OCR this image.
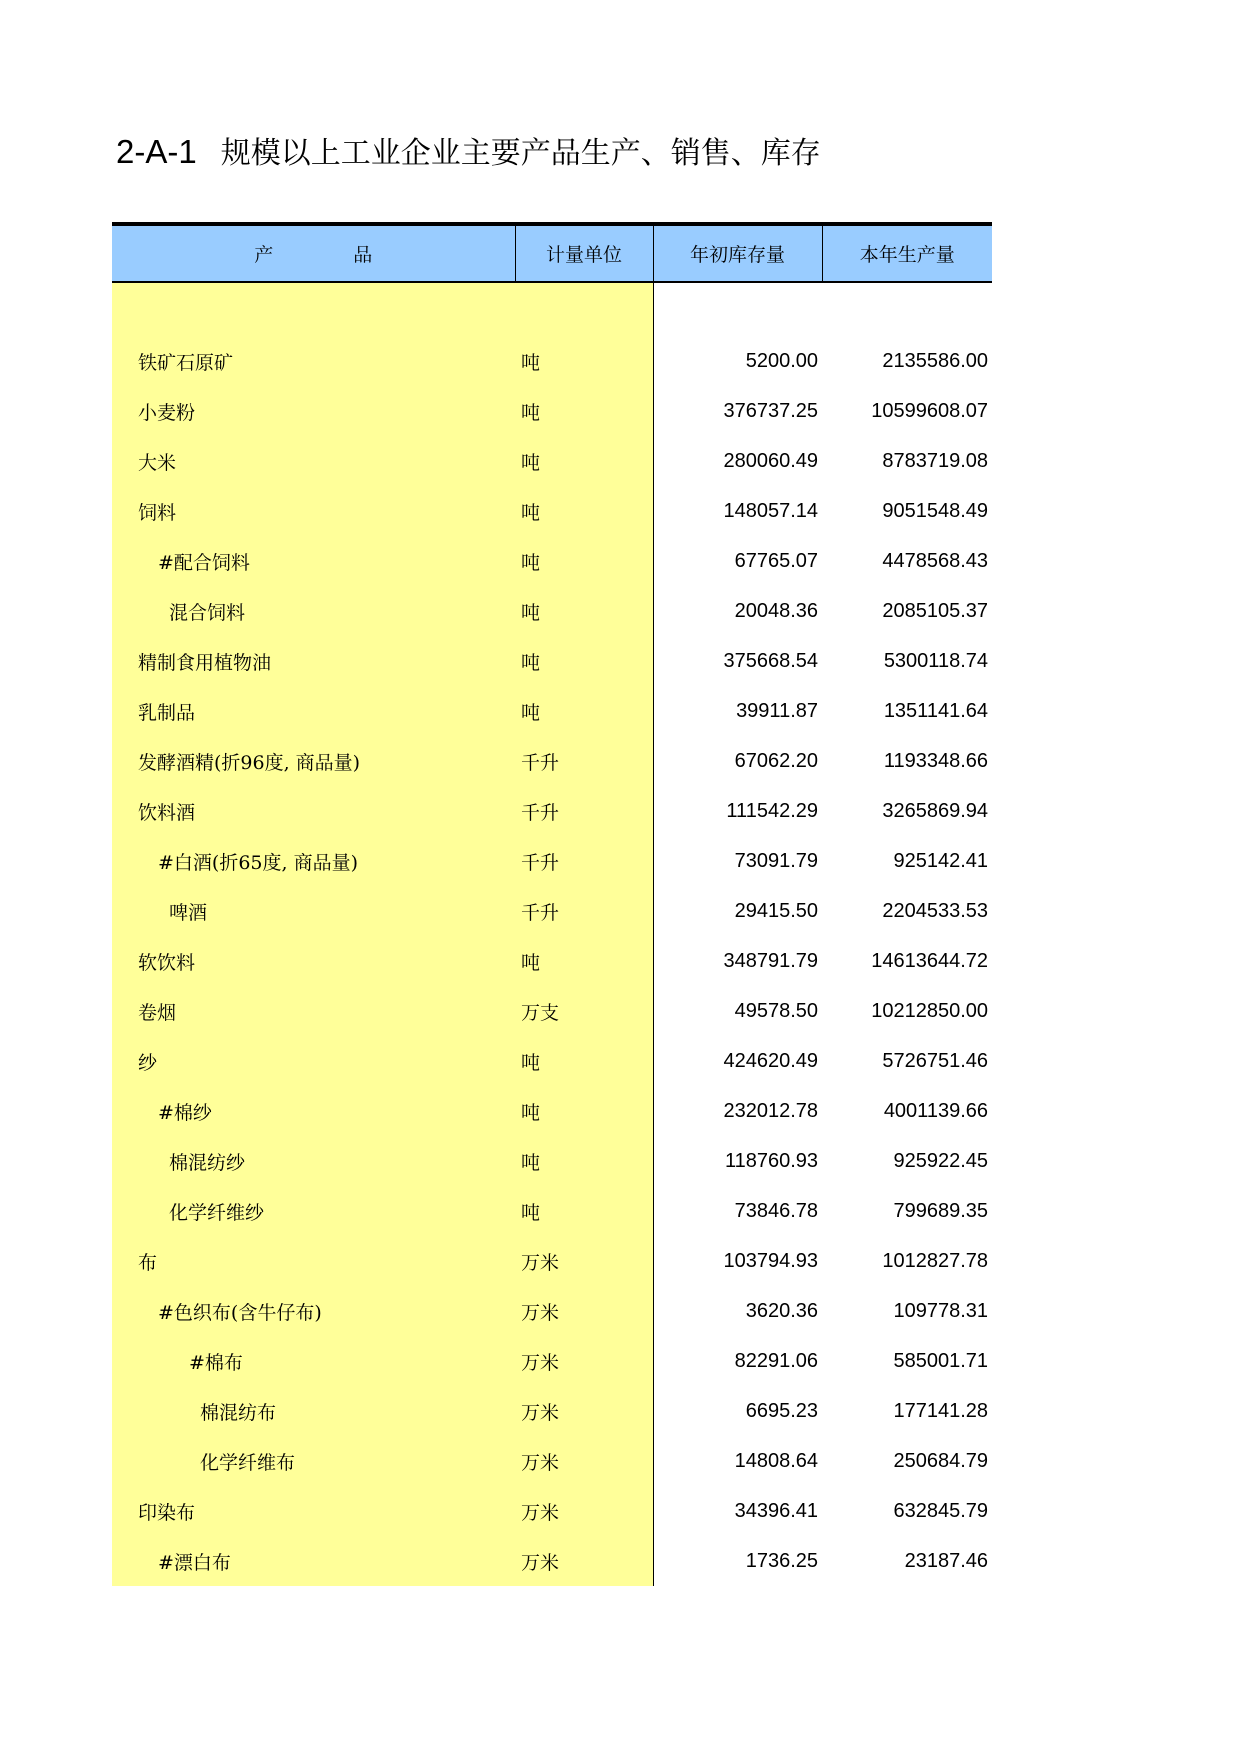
2-A-1 规模以上工业企业主要产品生产、销售、库存
产 品	计量单位	年初库存量	本年生产量

铁矿石原矿	吨	5200.00	2135586.00
小麦粉	吨	376737.25	10599608.07
大米	吨	280060.49	8783719.08
饲料	吨	148057.14	9051548.49
#配合饲料	吨	67765.07	4478568.43
混合饲料	吨	20048.36	2085105.37
精制食用植物油	吨	375668.54	5300118.74
乳制品	吨	39911.87	1351141.64
发酵酒精(折96度, 商品量)	千升	67062.20	1193348.66
饮料酒	千升	111542.29	3265869.94
#白酒(折65度, 商品量)	千升	73091.79	925142.41
啤酒	千升	29415.50	2204533.53
软饮料	吨	348791.79	14613644.72
卷烟	万支	49578.50	10212850.00
纱	吨	424620.49	5726751.46
#棉纱	吨	232012.78	4001139.66
棉混纺纱	吨	118760.93	925922.45
化学纤维纱	吨	73846.78	799689.35
布	万米	103794.93	1012827.78
#色织布(含牛仔布)	万米	3620.36	109778.31
#棉布	万米	82291.06	585001.71
棉混纺布	万米	6695.23	177141.28
化学纤维布	万米	14808.64	250684.79
印染布	万米	34396.41	632845.79
#漂白布	万米	1736.25	23187.46
